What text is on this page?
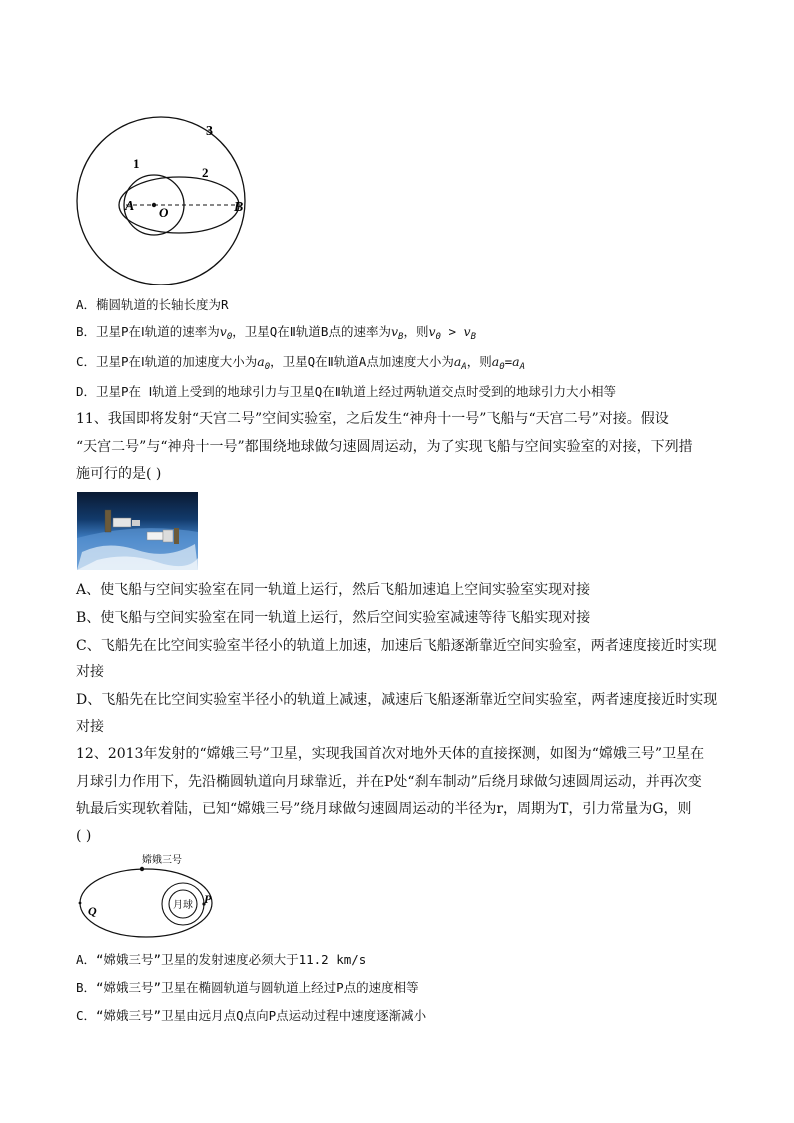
3
1
2
A O	B
A．椭圆轨道的长轴长度为R
B．卫星P在Ⅰ轨道的速率为$v_0$，卫星Q在Ⅱ轨道B点的速率为$v_B$，则$v_0 > v_B$
C．卫星P在Ⅰ轨道的加速度大小为$a_0$，卫星Q在Ⅱ轨道A点加速度大小为$a_A$，则$a_0=a_A$
D．卫星P在 Ⅰ轨道上受到的地球引力与卫星Q在Ⅱ轨道上经过两轨道交点时受到的地球引力大小相等
11、我国即将发射“天宫二号”空间实验室，之后发生“神舟十一号”飞船与“天宫二号”对接。假设
“天宫二号”与“神舟十一号”都围绕地球做匀速圆周运动，为了实现飞船与空间实验室的对接，下列措
施可行的是( )
A、使飞船与空间实验室在同一轨道上运行，然后飞船加速追上空间实验室实现对接
B、使飞船与空间实验室在同一轨道上运行，然后空间实验室减速等待飞船实现对接
C、飞船先在比空间实验室半径小的轨道上加速，加速后飞船逐渐靠近空间实验室，两者速度接近时实现
对接
D、飞船先在比空间实验室半径小的轨道上减速，减速后飞船逐渐靠近空间实验室，两者速度接近时实现
对接
12、2013年发射的“嫦娥三号”卫星，实现我国首次对地外天体的直接探测，如图为“嫦娥三号”卫星在
月球引力作用下，先沿椭圆轨道向月球靠近，并在P处“刹车制动”后绕月球做匀速圆周运动，并再次变
轨最后实现软着陆，已知“嫦娥三号”绕月球做匀速圆周运动的半径为r，周期为T，引力常量为G，则
( )
嫦娥三号
月球
Q
P
A．“嫦娥三号”卫星的发射速度必须大于11.2 km/s
B．“嫦娥三号”卫星在椭圆轨道与圆轨道上经过P点的速度相等
C．“嫦娥三号”卫星由远月点Q点向P点运动过程中速度逐渐减小
